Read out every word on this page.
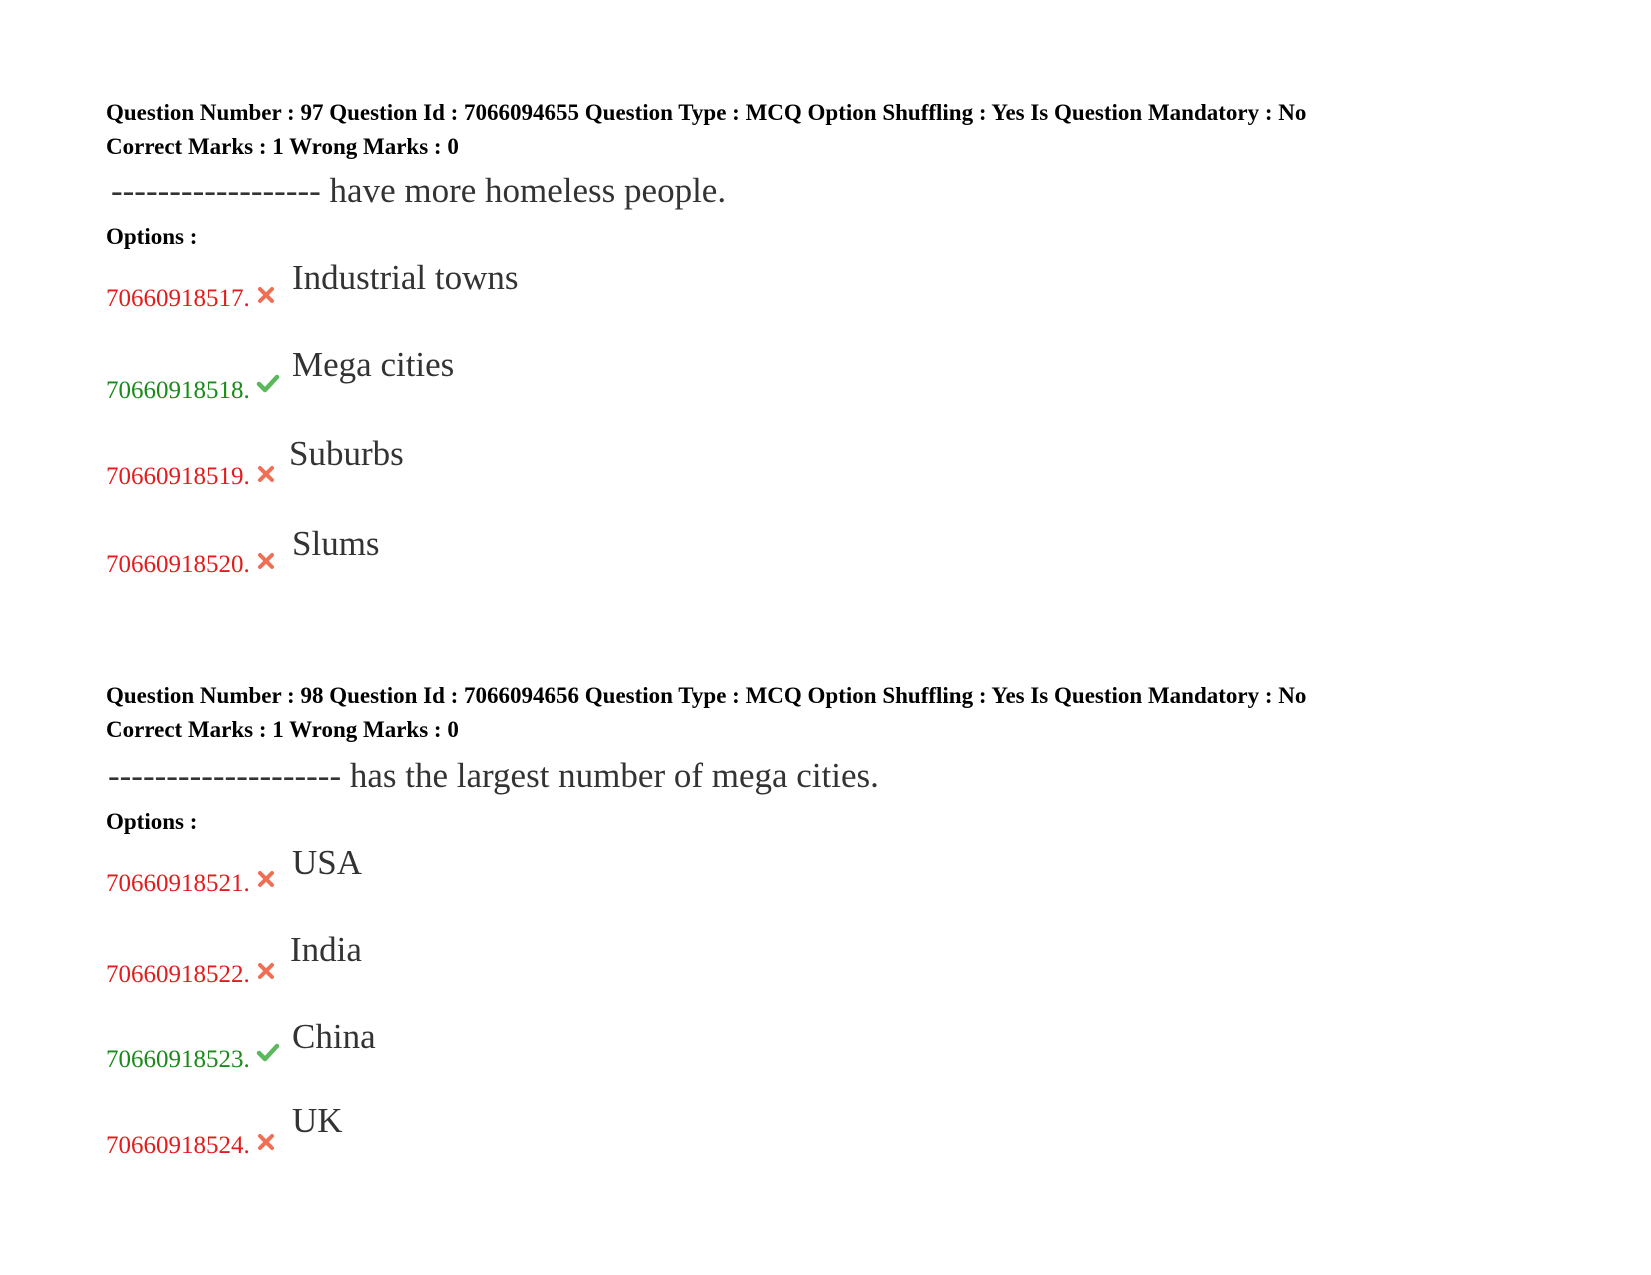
Question Number : 97 Question Id : 7066094655 Question Type : MCQ Option Shuffling : Yes Is Question Mandatory : No

Correct Marks : 1 Wrong Marks : 0

------------------ have more homeless people.

Options :
70660918517.
Industrial towns
70660918518.
Mega cities
70660918519.
Suburbs
70660918520.
Slums

Question Number : 98 Question Id : 7066094656 Question Type : MCQ Option Shuffling : Yes Is Question Mandatory : No

Correct Marks : 1 Wrong Marks : 0

-------------------- has the largest number of mega cities.

Options :
70660918521.
USA
70660918522.
India
70660918523.
China
70660918524.
UK
